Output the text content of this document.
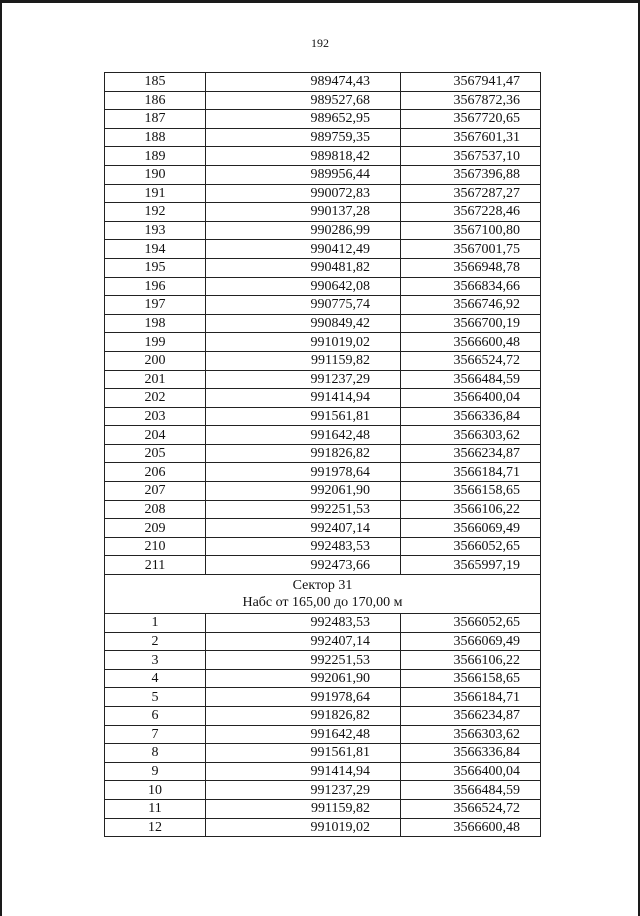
192
185	989474,43	3567941,47
186	989527,68	3567872,36
187	989652,95	3567720,65
188	989759,35	3567601,31
189	989818,42	3567537,10
190	989956,44	3567396,88
191	990072,83	3567287,27
192	990137,28	3567228,46
193	990286,99	3567100,80
194	990412,49	3567001,75
195	990481,82	3566948,78
196	990642,08	3566834,66
197	990775,74	3566746,92
198	990849,42	3566700,19
199	991019,02	3566600,48
200	991159,82	3566524,72
201	991237,29	3566484,59
202	991414,94	3566400,04
203	991561,81	3566336,84
204	991642,48	3566303,62
205	991826,82	3566234,87
206	991978,64	3566184,71
207	992061,90	3566158,65
208	992251,53	3566106,22
209	992407,14	3566069,49
210	992483,53	3566052,65
211	992473,66	3565997,19

Сектор 31
Набс от 165,00 до 170,00 м		

1	992483,53	3566052,65
2	992407,14	3566069,49
3	992251,53	3566106,22
4	992061,90	3566158,65
5	991978,64	3566184,71
6	991826,82	3566234,87
7	991642,48	3566303,62
8	991561,81	3566336,84
9	991414,94	3566400,04
10	991237,29	3566484,59
11	991159,82	3566524,72
12	991019,02	3566600,48
